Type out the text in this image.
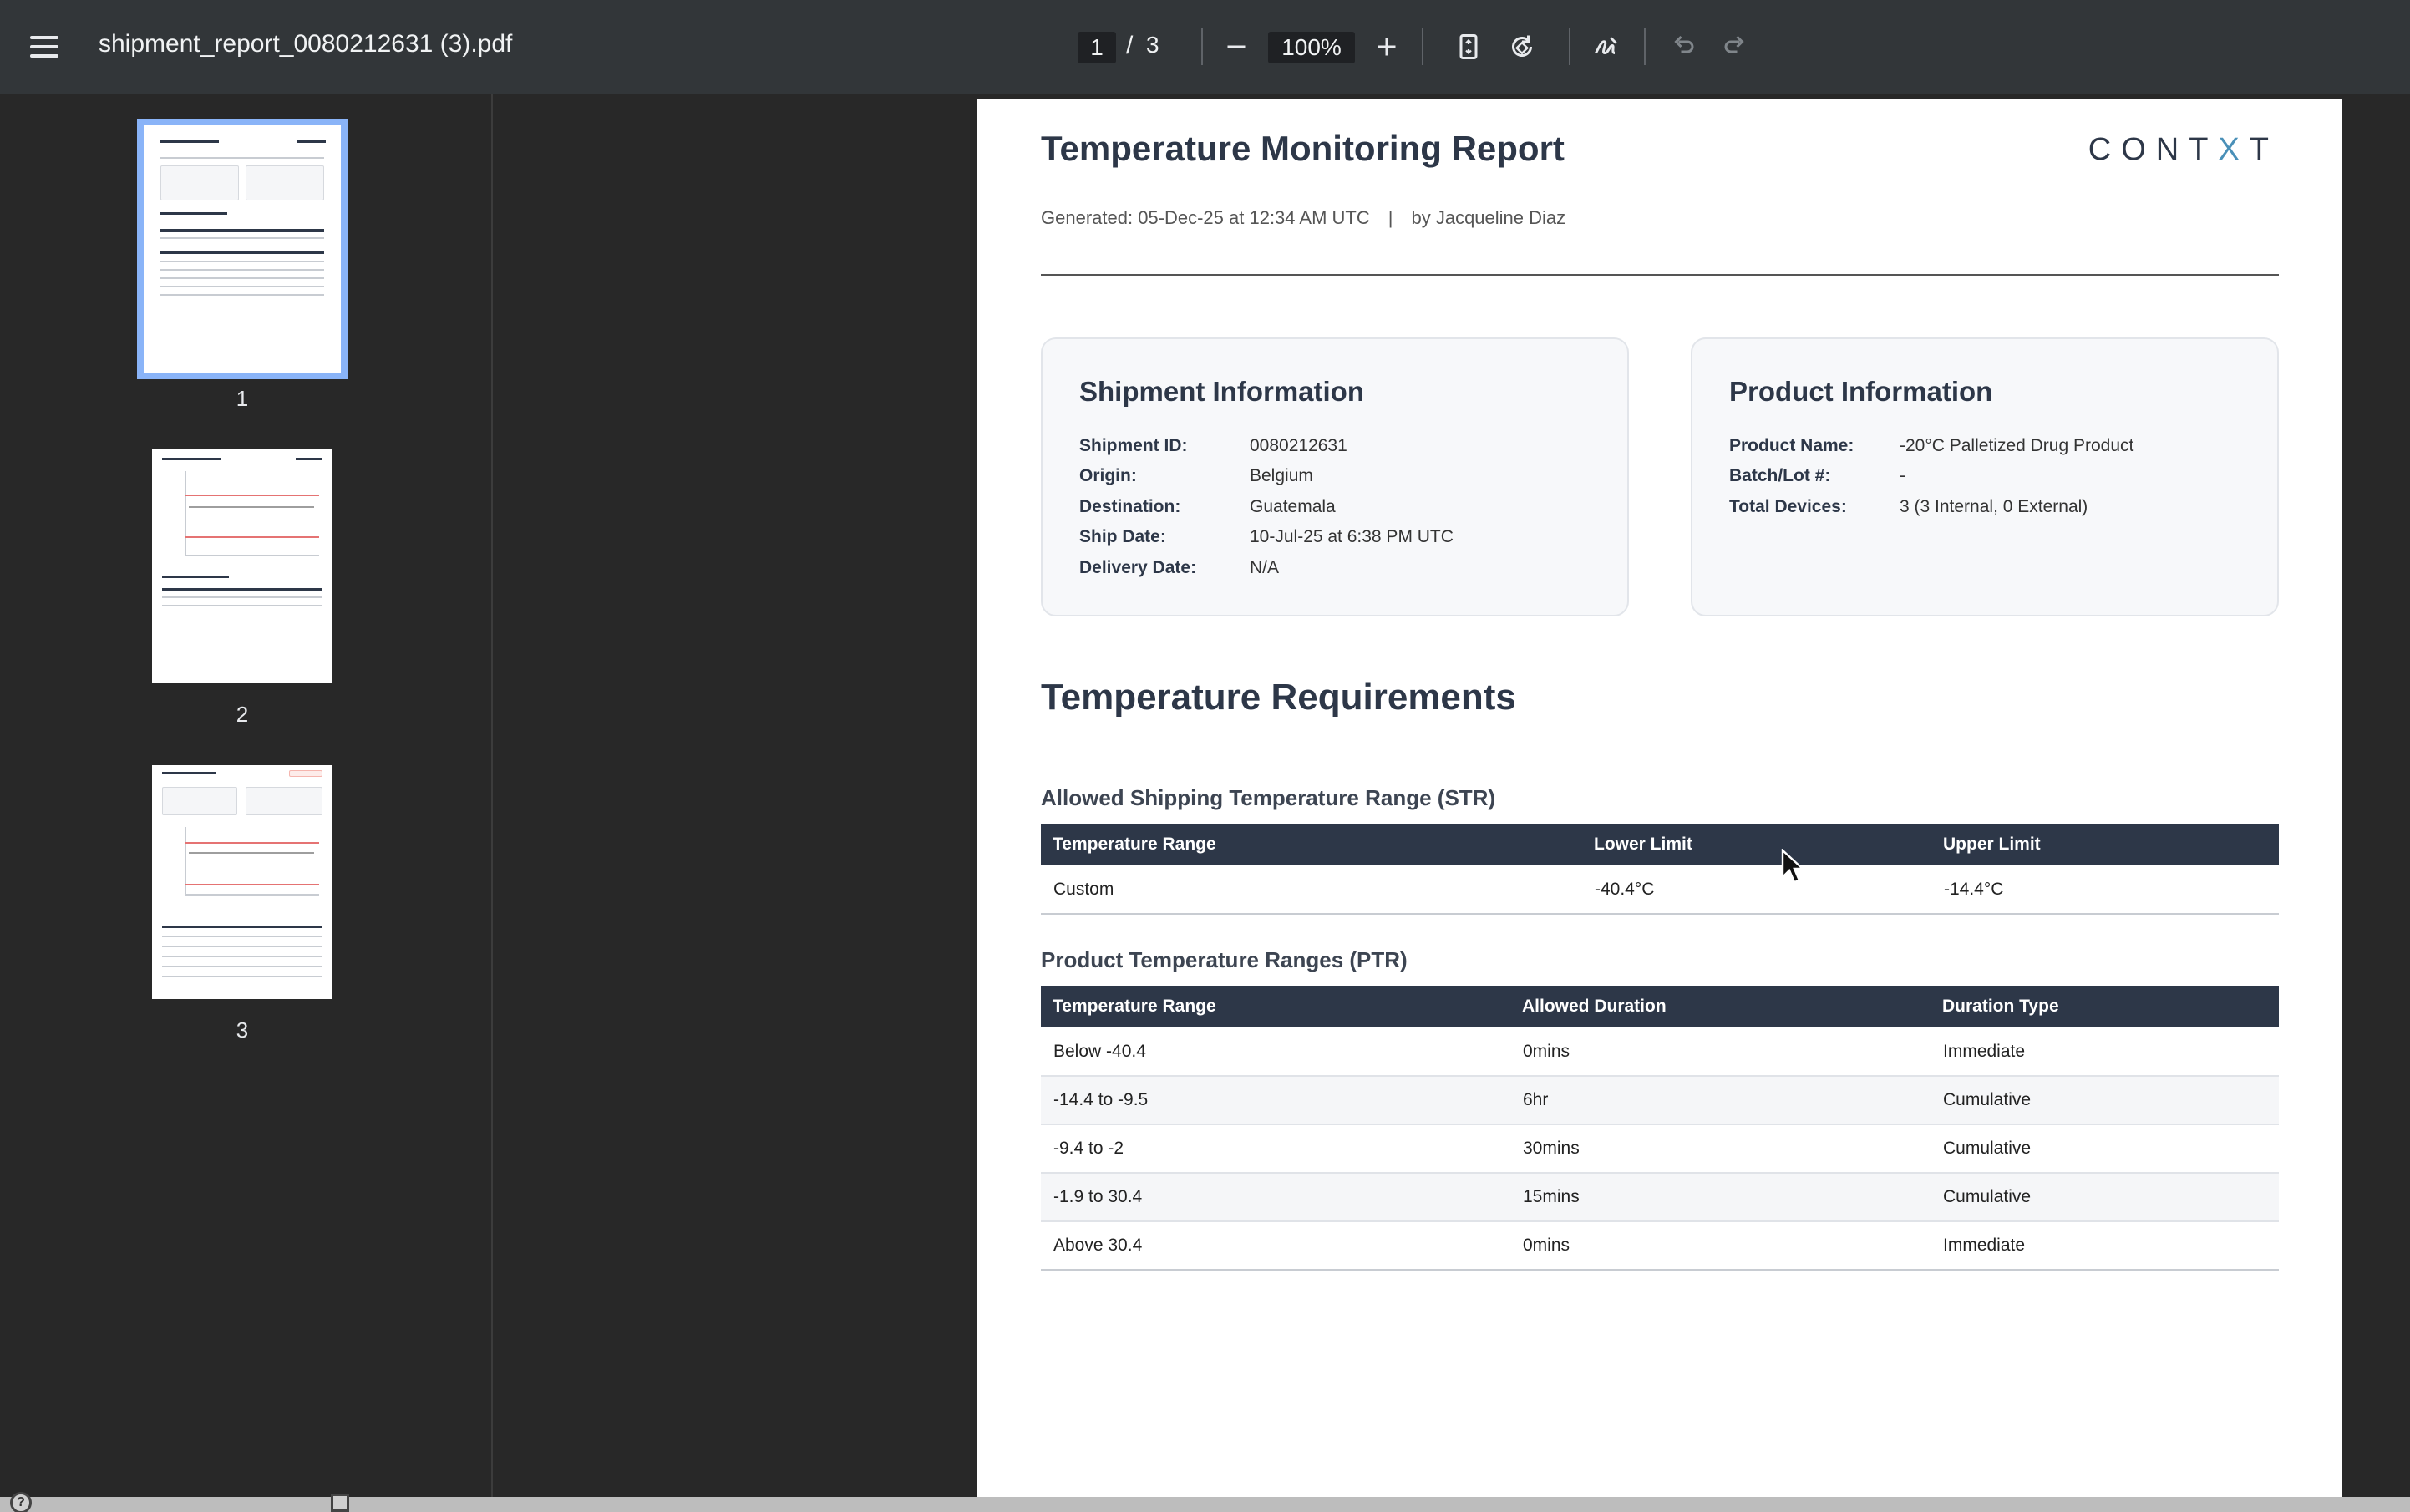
shipment_report_0080212631 (3).pdf	1 / 3	100%
1
2
3
Temperature Monitoring Report	CONTXT
Generated: 05-Dec-25 at 12:34 AM UTC | by Jacqueline Diaz
Shipment Information
Shipment ID:	0080212631
Origin:	Belgium
Destination:	Guatemala
Ship Date:	10-Jul-25 at 6:38 PM UTC
Delivery Date:	N/A
Product Information
Product Name:	-20°C Palletized Drug Product
Batch/Lot #:	-
Total Devices:	3 (3 Internal, 0 External)
Temperature Requirements
Allowed Shipping Temperature Range (STR)
Temperature Range	Lower Limit	Upper Limit
Custom	-40.4°C	-14.4°C
Product Temperature Ranges (PTR)
Temperature Range	Allowed Duration	Duration Type
Below -40.4	0mins	Immediate
-14.4 to -9.5	6hr	Cumulative
-9.4 to -2	30mins	Cumulative
-1.9 to 30.4	15mins	Cumulative
Above 30.4	0mins	Immediate
?
